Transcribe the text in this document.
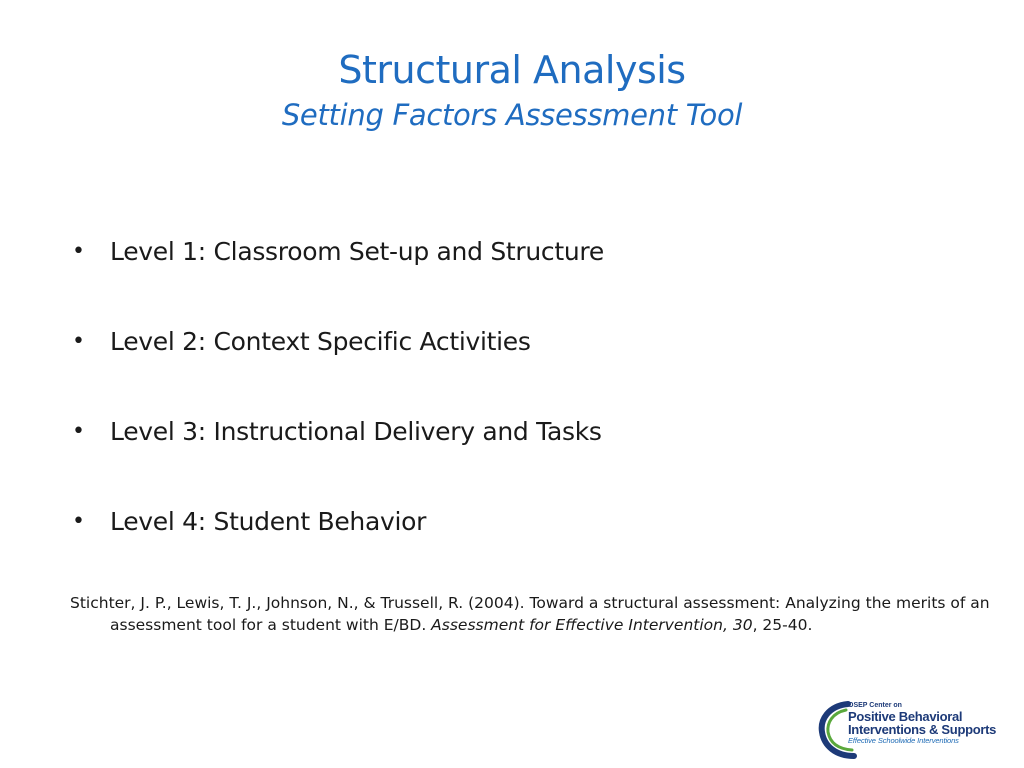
Structural Analysis
Setting Factors Assessment Tool
• Level 1: Classroom Set-up and Structure
• Level 2: Context Specific Activities
• Level 3: Instructional Delivery and Tasks
• Level 4: Student Behavior
Stichter, J. P., Lewis, T. J., Johnson, N., & Trussell, R. (2004). Toward a structural assessment: Analyzing the merits of an assessment tool for a student with E/BD. Assessment for Effective Intervention, 30, 25-40.
OSEP Center on
Positive Behavioral
Interventions & Supports
Effective Schoolwide Interventions
